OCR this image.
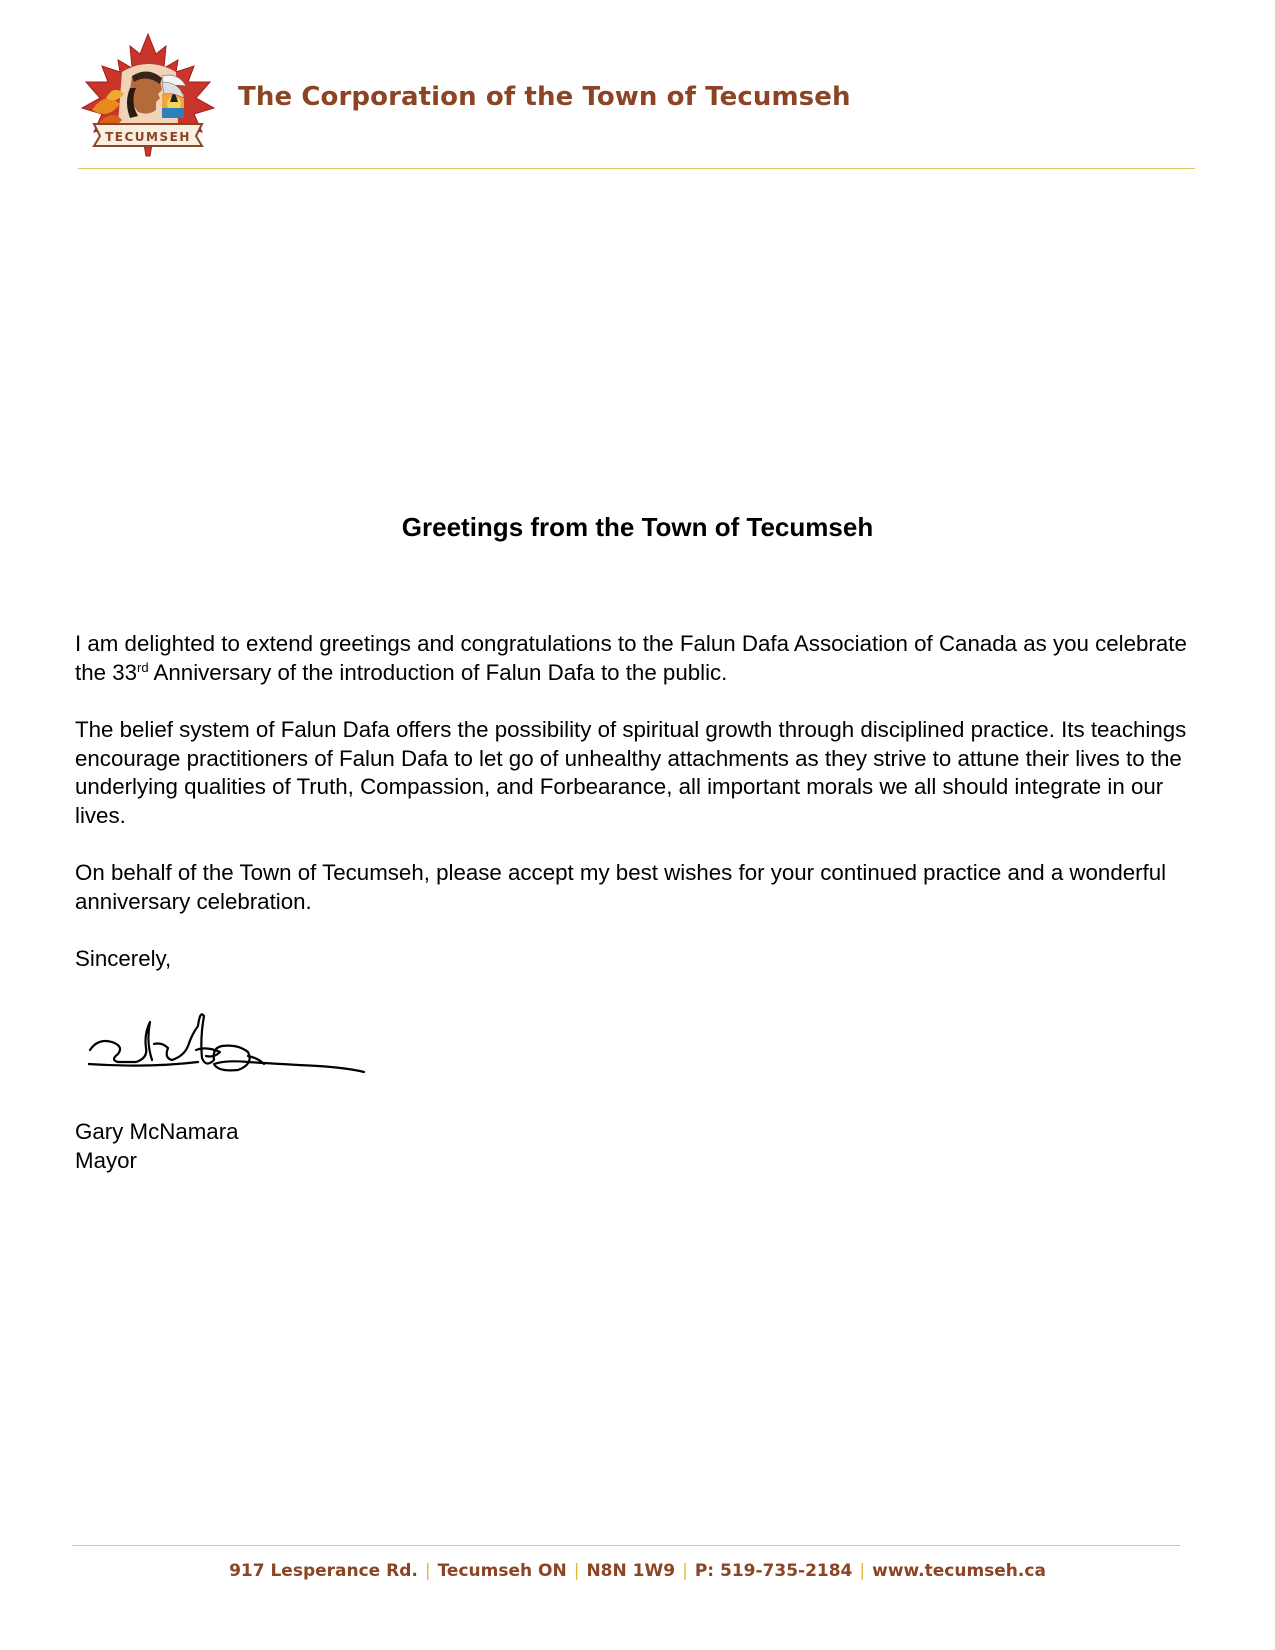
TECUMSEH
The Corporation of the Town of Tecumseh
Greetings from the Town of Tecumseh

I am delighted to extend greetings and congratulations to the Falun Dafa Association of Canada as you celebrate the 33rd Anniversary of the introduction of Falun Dafa to the public.

The belief system of Falun Dafa offers the possibility of spiritual growth through disciplined practice. Its teachings encourage practitioners of Falun Dafa to let go of unhealthy attachments as they strive to attune their lives to the underlying qualities of Truth, Compassion, and Forbearance, all important morals we all should integrate in our lives.

On behalf of the Town of Tecumseh, please accept my best wishes for your continued practice and a wonderful anniversary celebration.

Sincerely,

Gary McNamara
Mayor
917 Lesperance Rd. | Tecumseh ON | N8N 1W9 | P: 519-735-2184 | www.tecumseh.ca
